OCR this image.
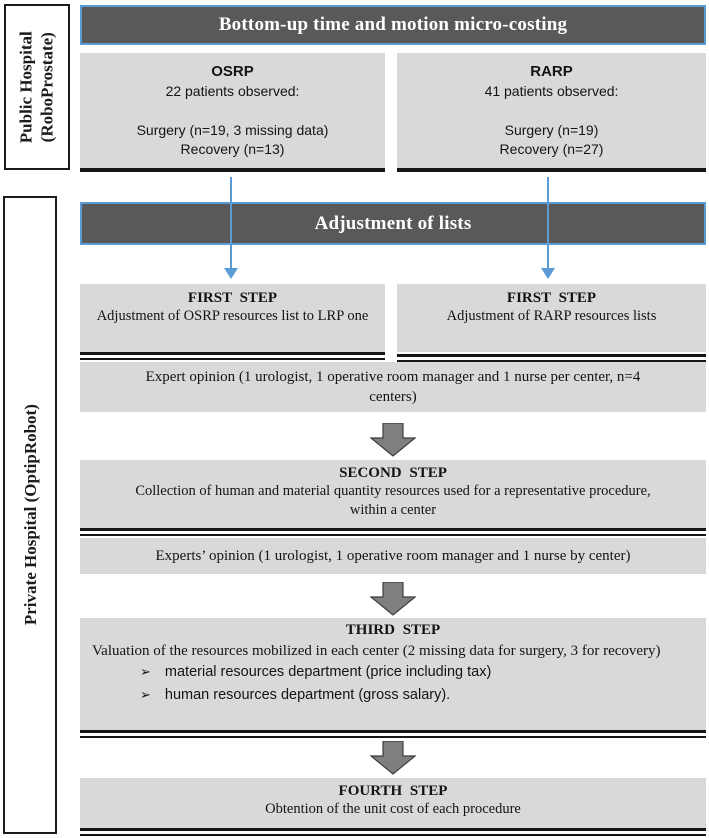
Public Hospital (RoboProstate)
Private Hospital (OptipRobot)
Bottom-up time and motion micro-costing
OSRP
22 patients observed:
Surgery (n=19, 3 missing data)
Recovery (n=13)
RARP
41 patients observed:
Surgery (n=19)
Recovery (n=27)
Adjustment of lists
FIRST STEP
Adjustment of OSRP resources list to LRP one
FIRST STEP
Adjustment of RARP resources lists
Expert opinion (1 urologist, 1 operative room manager and 1 nurse per center, n=4 centers)
SECOND STEP
Collection of human and material quantity resources used for a representative procedure, within a center
Experts’ opinion (1 urologist, 1 operative room manager and 1 nurse by center)
THIRD STEP
Valuation of the resources mobilized in each center (2 missing data for surgery, 3 for recovery)
➢ material resources department (price including tax)
➢ human resources department (gross salary).
FOURTH STEP
Obtention of the unit cost of each procedure
